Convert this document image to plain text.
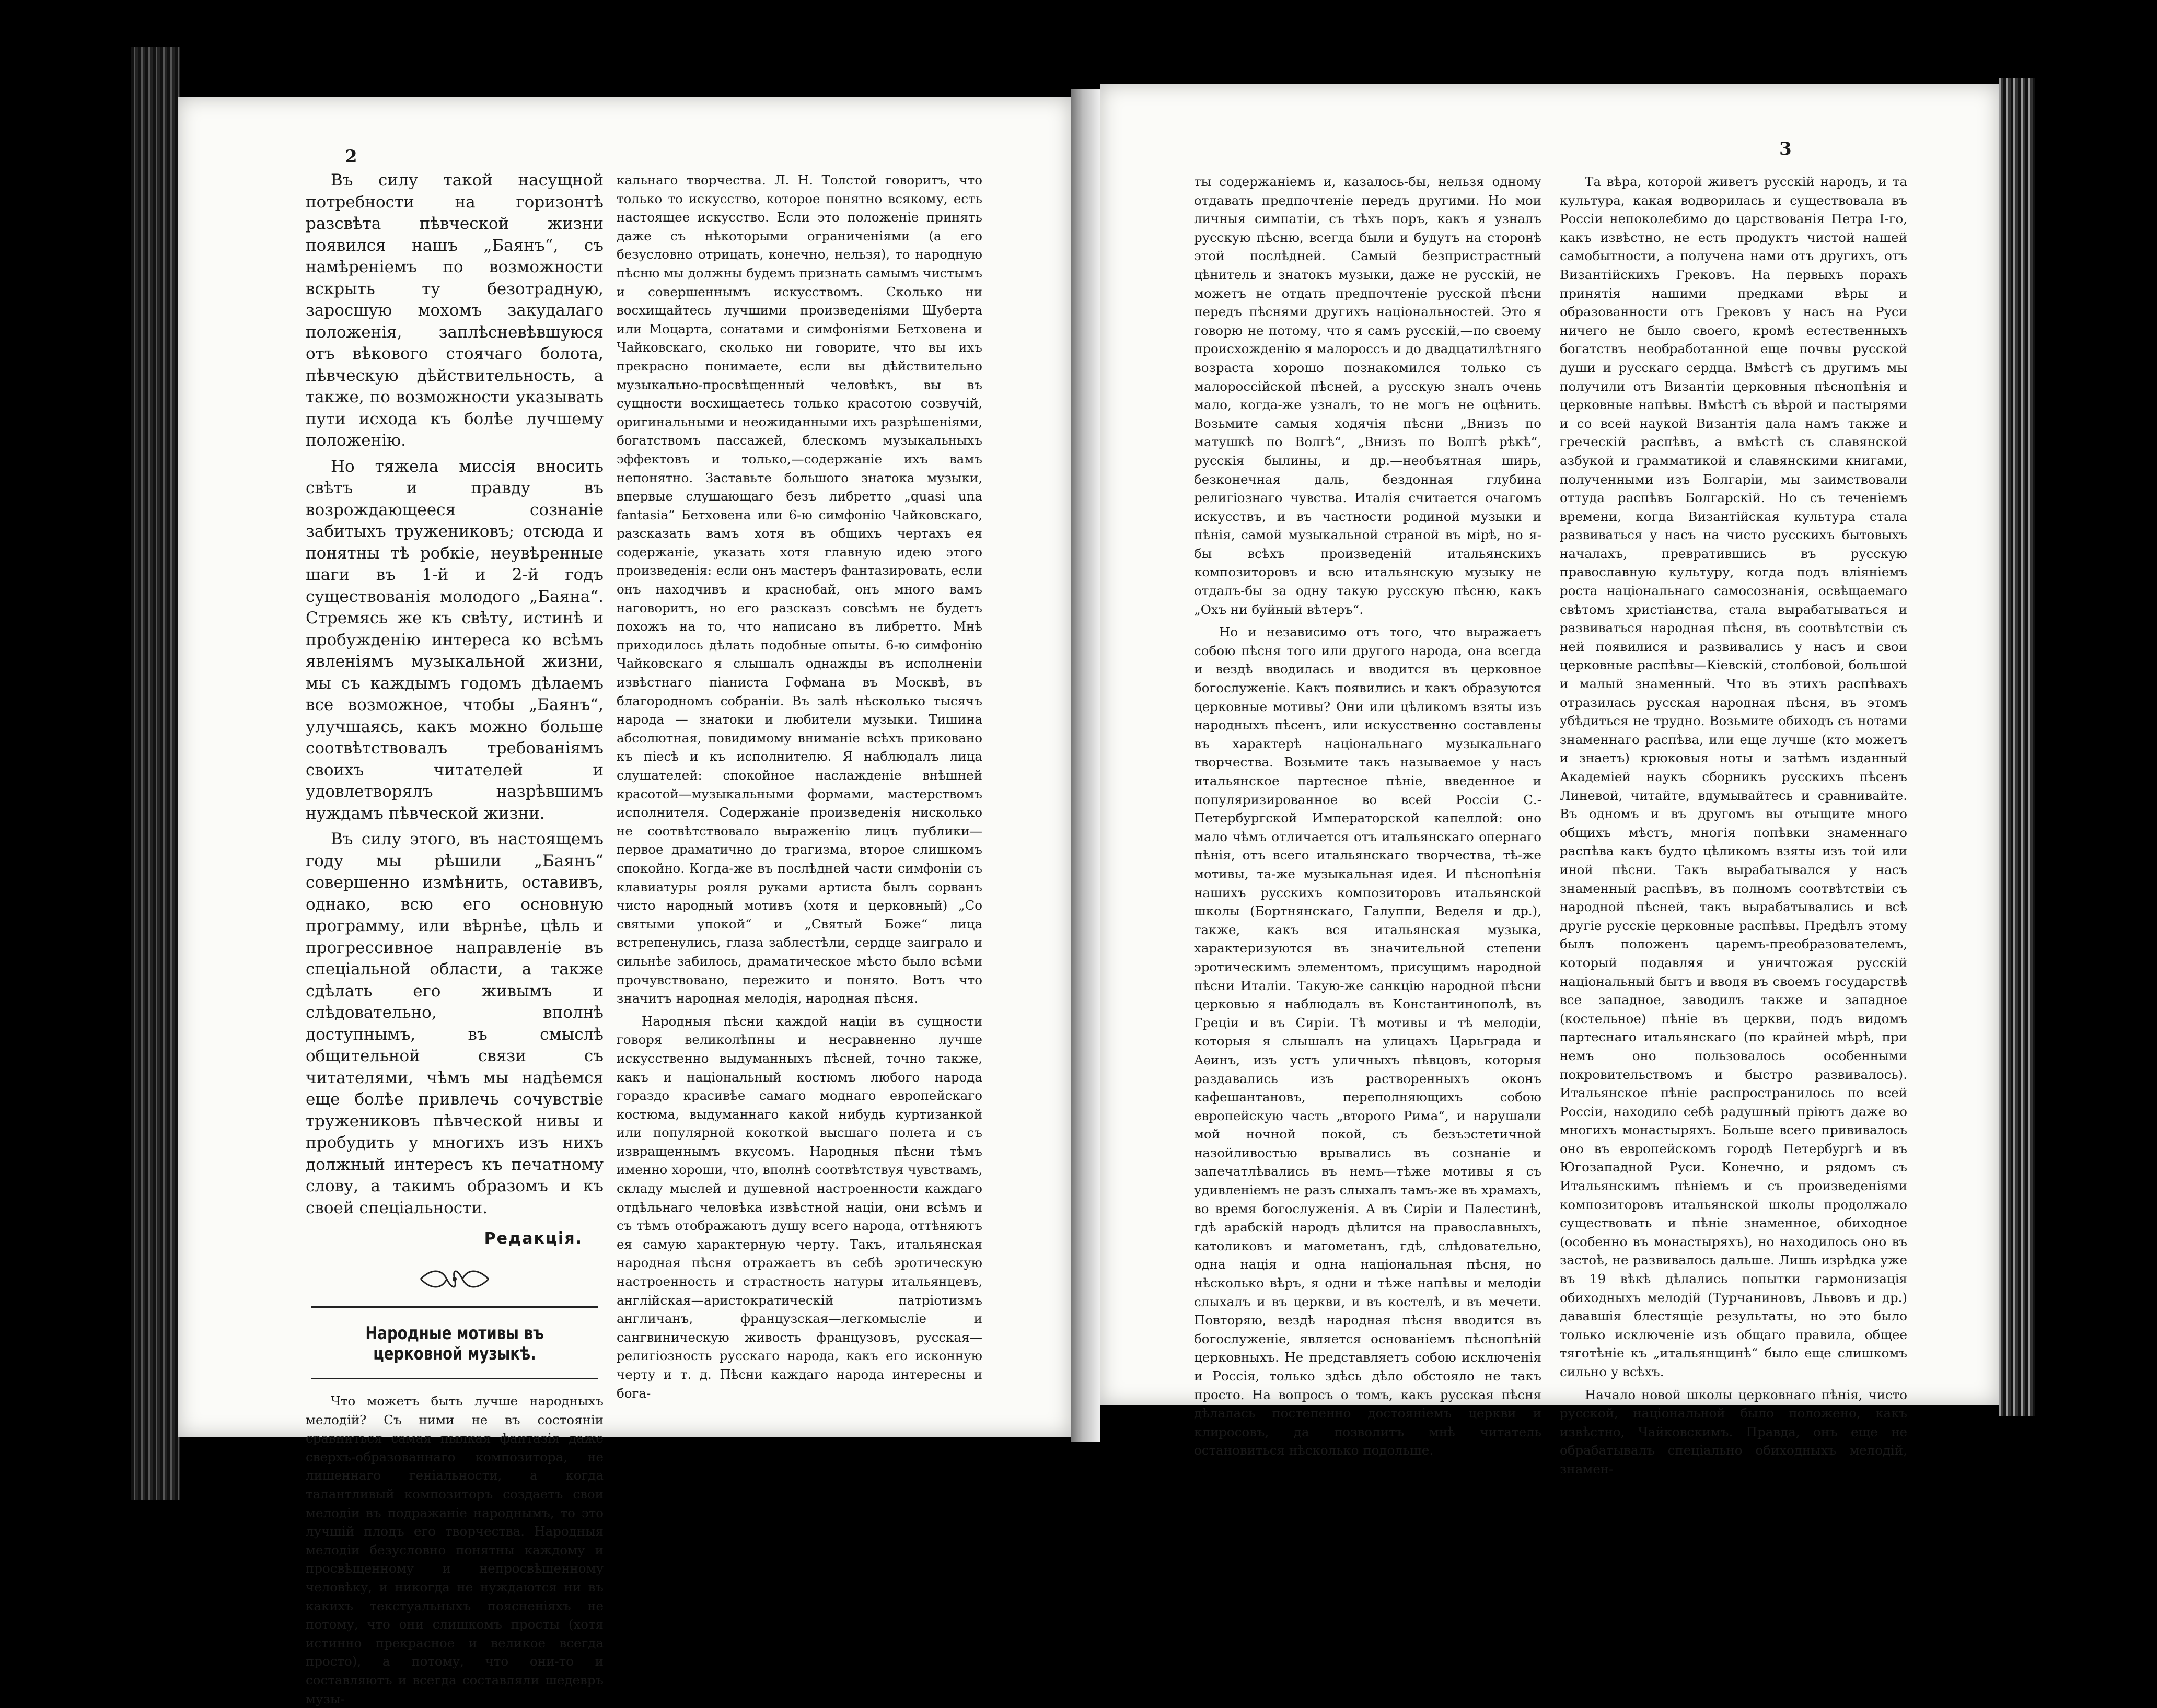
2

Въ силу такой насущной потребности на горизонтѣ разсвѣта пѣвческой жизни появился нашъ „Баянъ“, съ намѣреніемъ по возможности вскрыть ту безотрадную, заросшую мохомъ закудалаго положенія, заплѣсневѣвшуюся отъ вѣкового стоячаго болота, пѣвческую дѣйствительность, а также, по возможности указывать пути исхода къ болѣе лучшему положенію.

Но тяжела миссія вносить свѣтъ и правду въ возрождающееся сознаніе забитыхъ тружениковъ; отсюда и понятны тѣ робкіе, неувѣренные шаги въ 1-й и 2-й годъ существованія молодого „Баяна“. Стремясь же къ свѣту, истинѣ и пробужденію интереса ко всѣмъ явленіямъ музыкальной жизни, мы съ каждымъ годомъ дѣлаемъ все возможное, чтобы „Баянъ“, улучшаясь, какъ можно больше соотвѣтствовалъ требованіямъ своихъ читателей и удовлетворялъ назрѣвшимъ нуждамъ пѣвческой жизни.

Въ силу этого, въ настоящемъ году мы рѣшили „Баянъ“ совершенно измѣнить, оставивъ, однако, всю его основную программу, или вѣрнѣе, цѣль и прогрессивное направленіе въ спеціальной области, а также сдѣлать его живымъ и слѣдовательно, вполнѣ доступнымъ, въ смыслѣ общительной связи съ читателями, чѣмъ мы надѣемся еще болѣе привлечь сочувствіе тружениковъ пѣвческой нивы и пробудить у многихъ изъ нихъ должный интересъ къ печатному слову, а такимъ образомъ и къ своей спеціальности.

Редакція.
Народные мотивы въ церковной музыкѣ.

Что можетъ быть лучше народныхъ мелодій? Съ ними не въ состояніи сравниться самая пылкая фантазія даже сверхъ-образованнаго композитора, не лишеннаго геніальности, а когда талантливый композиторъ создаетъ свои мелодіи въ подражаніе народнымъ, то это лучшій плодъ его творчества. Народныя мелодіи безусловно понятны каждому и просвѣщенному и непросвѣщенному человѣку, и никогда не нуждаются ни въ какихъ текстуальныхъ поясненіяхъ не потому, что они слишкомъ просты (хотя истинно прекрасное и великое всегда просто), а потому, что они-то и составляютъ и всегда составляли шедевръ музы-

кальнаго творчества. Л. Н. Толстой говоритъ, что только то искусство, которое понятно всякому, есть настоящее искусство. Если это положеніе принять даже съ нѣкоторыми ограниченіями (а его безусловно отрицать, конечно, нельзя), то народную пѣсню мы должны будемъ признать самымъ чистымъ и совершеннымъ искусствомъ. Сколько ни восхищайтесь лучшими произведеніями Шуберта или Моцарта, сонатами и симфоніями Бетховена и Чайковскаго, сколько ни говорите, что вы ихъ прекрасно понимаете, если вы дѣйствительно музыкально-просвѣщенный человѣкъ, вы въ сущности восхищаетесь только красотою созвучій, оригинальными и неожиданными ихъ разрѣшеніями, богатствомъ пассажей, блескомъ музыкальныхъ эффектовъ и только,—содержаніе ихъ вамъ непонятно. Заставьте большого знатока музыки, впервые слушающаго безъ либретто „quasi una fantasia“ Бетховена или 6-ю симфонію Чайковскаго, разсказать вамъ хотя въ общихъ чертахъ ея содержаніе, указать хотя главную идею этого произведенія: если онъ мастеръ фантазировать, если онъ находчивъ и краснобай, онъ много вамъ наговоритъ, но его разсказъ совсѣмъ не будетъ похожъ на то, что написано въ либретто. Мнѣ приходилось дѣлать подобные опыты. 6-ю симфонію Чайковскаго я слышалъ однажды въ исполненіи извѣстнаго піаниста Гофмана въ Москвѣ, въ благородномъ собраніи. Въ залѣ нѣсколько тысячъ народа — знатоки и любители музыки. Тишина абсолютная, повидимому вниманіе всѣхъ приковано къ піесѣ и къ исполнителю. Я наблюдалъ лица слушателей: спокойное наслажденіе внѣшней красотой—музыкальными формами, мастерствомъ исполнителя. Содержаніе произведенія нисколько не соотвѣтствовало выраженію лицъ публики—первое драматично до трагизма, второе слишкомъ спокойно. Когда-же въ послѣдней части симфоніи съ клавиатуры рояля руками артиста былъ сорванъ чисто народный мотивъ (хотя и церковный) „Со святыми упокой“ и „Святый Боже“ лица встрепенулись, глаза заблестѣли, сердце заиграло и сильнѣе забилось, драматическое мѣсто было всѣми прочувствовано, пережито и понято. Вотъ что значитъ народная мелодія, народная пѣсня.

Народныя пѣсни каждой націи въ сущности говоря великолѣпны и несравненно лучше искусственно выдуманныхъ пѣсней, точно также, какъ и національный костюмъ любого народа гораздо красивѣе самаго моднаго европейскаго костюма, выдуманнаго какой нибудь куртизанкой или популярной кокоткой высшаго полета и съ извращеннымъ вкусомъ. Народныя пѣсни тѣмъ именно хороши, что, вполнѣ соотвѣтствуя чувствамъ, складу мыслей и душевной настроенности каждаго отдѣльнаго человѣка извѣстной націи, они всѣмъ и съ тѣмъ отображаютъ душу всего народа, оттѣняютъ ея самую характерную черту. Такъ, итальянская народная пѣсня отражаетъ въ себѣ эротическую настроенность и страстность натуры итальянцевъ, англійская—аристократическій патріотизмъ англичанъ, французская—легкомысліе и сангвиническую живость французовъ, русская—религіозность русскаго народа, какъ его исконную черту и т. д. Пѣсни каждаго народа интересны и бога-

3

ты содержаніемъ и, казалось-бы, нельзя одному отдавать предпочтеніе передъ другими. Но мои личныя симпатіи, съ тѣхъ поръ, какъ я узналъ русскую пѣсню, всегда были и будутъ на сторонѣ этой послѣдней. Самый безпристрастный цѣнитель и знатокъ музыки, даже не русскій, не можетъ не отдать предпочтеніе русской пѣсни передъ пѣснями другихъ національностей. Это я говорю не потому, что я самъ русскій,—по своему происхожденію я малороссъ и до двадцатилѣтняго возраста хорошо познакомился только съ малороссійской пѣсней, а русскую зналъ очень мало, когда-же узналъ, то не могъ не оцѣнить. Возьмите самыя ходячія пѣсни „Внизъ по матушкѣ по Волгѣ“, „Внизъ по Волгѣ рѣкѣ“, русскія былины, и др.—необъятная ширь, безконечная даль, бездонная глубина религіознаго чувства. Италія считается очагомъ искусствъ, и въ частности родиной музыки и пѣнія, самой музыкальной страной въ мірѣ, но я-бы всѣхъ произведеній итальянскихъ композиторовъ и всю итальянскую музыку не отдалъ-бы за одну такую русскую пѣсню, какъ „Охъ ни буйный вѣтеръ“.

Но и независимо отъ того, что выражаетъ собою пѣсня того или другого народа, она всегда и вездѣ вводилась и вводится въ церковное богослуженіе. Какъ появились и какъ образуются церковные мотивы? Они или цѣликомъ взяты изъ народныхъ пѣсенъ, или искусственно составлены въ характерѣ національнаго музыкальнаго творчества. Возьмите такъ называемое у насъ итальянское партесное пѣніе, введенное и популяризированное во всей Россіи С.-Петербургской Императорской капеллой: оно мало чѣмъ отличается отъ итальянскаго опернаго пѣнія, отъ всего итальянскаго творчества, тѣ-же мотивы, та-же музыкальная идея. И пѣснопѣнія нашихъ русскихъ композиторовъ итальянской школы (Бортнянскаго, Галуппи, Веделя и др.), также, какъ вся итальянская музыка, характеризуются въ значительной степени эротическимъ элементомъ, присущимъ народной пѣсни Италіи. Такую-же санкцію народной пѣсни церковью я наблюдалъ въ Константинополѣ, въ Греціи и въ Сиріи. Тѣ мотивы и тѣ мелодіи, которыя я слышалъ на улицахъ Царьграда и Аѳинъ, изъ устъ уличныхъ пѣвцовъ, которыя раздавались изъ растворенныхъ оконъ кафешантановъ, переполняющихъ собою европейскую часть „второго Рима“, и нарушали мой ночной покой, съ безъэстетичной назойливостью врывались въ сознаніе и запечатлѣвались въ немъ—тѣже мотивы я съ удивленіемъ не разъ слыхалъ тамъ-же въ храмахъ, во время богослуженія. А въ Сиріи и Палестинѣ, гдѣ арабскій народъ дѣлится на православныхъ, католиковъ и магометанъ, гдѣ, слѣдовательно, одна нація и одна національная пѣсня, но нѣсколько вѣръ, я одни и тѣже напѣвы и мелодіи слыхалъ и въ церкви, и въ костелѣ, и въ мечети. Повторяю, вездѣ народная пѣсня вводится въ богослуженіе, является основаніемъ пѣснопѣній церковныхъ. Не представляетъ собою исключенія и Россія, только здѣсь дѣло обстояло не такъ просто. На вопросъ о томъ, какъ русская пѣсня дѣлалась постепенно достояніемъ церкви и клиросовъ, да позволитъ мнѣ читатель остановиться нѣсколько подольше.

Та вѣра, которой живетъ русскій народъ, и та культура, какая водворилась и существовала въ Россіи непоколебимо до царствованія Петра I-го, какъ извѣстно, не есть продуктъ чистой нашей самобытности, а получена нами отъ другихъ, отъ Византійскихъ Грековъ. На первыхъ порахъ принятія нашими предками вѣры и образованности отъ Грековъ у насъ на Руси ничего не было своего, кромѣ естественныхъ богатствъ необработанной еще почвы русской души и русскаго сердца. Вмѣстѣ съ другимъ мы получили отъ Византіи церковныя пѣснопѣнія и церковные напѣвы. Вмѣстѣ съ вѣрой и пастырями и со всей наукой Византія дала намъ также и греческій распѣвъ, а вмѣстѣ съ славянской азбукой и грамматикой и славянскими книгами, полученными изъ Болгаріи, мы заимствовали оттуда распѣвъ Болгарскій. Но съ теченіемъ времени, когда Византійская культура стала развиваться у насъ на чисто русскихъ бытовыхъ началахъ, превратившись въ русскую православную культуру, когда подъ вліяніемъ роста національнаго самосознанія, освѣщаемаго свѣтомъ христіанства, стала вырабатываться и развиваться народная пѣсня, въ соотвѣтствіи съ ней появилися и развивались у насъ и свои церковные распѣвы—Кіевскій, столбовой, большой и малый знаменный. Что въ этихъ распѣвахъ отразилась русская народная пѣсня, въ этомъ убѣдиться не трудно. Возьмите обиходъ съ нотами знаменнаго распѣва, или еще лучше (кто можетъ и знаетъ) крюковыя ноты и затѣмъ изданный Академіей наукъ сборникъ русскихъ пѣсенъ Линевой, читайте, вдумывайтесь и сравнивайте. Въ одномъ и въ другомъ вы отыщите много общихъ мѣстъ, многія попѣвки знаменнаго распѣва какъ будто цѣликомъ взяты изъ той или иной пѣсни. Такъ вырабатывался у насъ знаменный распѣвъ, въ полномъ соотвѣтствіи съ народной пѣсней, такъ вырабатывались и всѣ другіе русскіе церковные распѣвы. Предѣлъ этому былъ положенъ царемъ-преобразователемъ, который подавляя и уничтожая русскій національный бытъ и вводя въ своемъ государствѣ все западное, заводилъ также и западное (костельное) пѣніе въ церкви, подъ видомъ партеснаго итальянскаго (по крайней мѣрѣ, при немъ оно пользовалось особенными покровительствомъ и быстро развивалось). Итальянское пѣніе распространилось по всей Россіи, находило себѣ радушный пріютъ даже во многихъ монастыряхъ. Больше всего прививалось оно въ европейскомъ городѣ Петербургѣ и въ Югозападной Руси. Конечно, и рядомъ съ Итальянскимъ пѣніемъ и съ произведеніями композиторовъ итальянской школы продолжало существовать и пѣніе знаменное, обиходное (особенно въ монастыряхъ), но находилось оно въ застоѣ, не развивалось дальше. Лишь изрѣдка уже въ 19 вѣкѣ дѣлались попытки гармонизація обиходныхъ мелодій (Турчаниновъ, Львовъ и др.) дававшія блестящіе результаты, но это было только исключеніе изъ общаго правила, общее тяготѣніе къ „итальянщинѣ“ было еще слишкомъ сильно у всѣхъ.

Начало новой школы церковнаго пѣнія, чисто русской, національной было положено, какъ извѣстно, Чайковскимъ. Правда, онъ еще не обрабатывалъ спеціально обиходныхъ мелодій, знамен-
